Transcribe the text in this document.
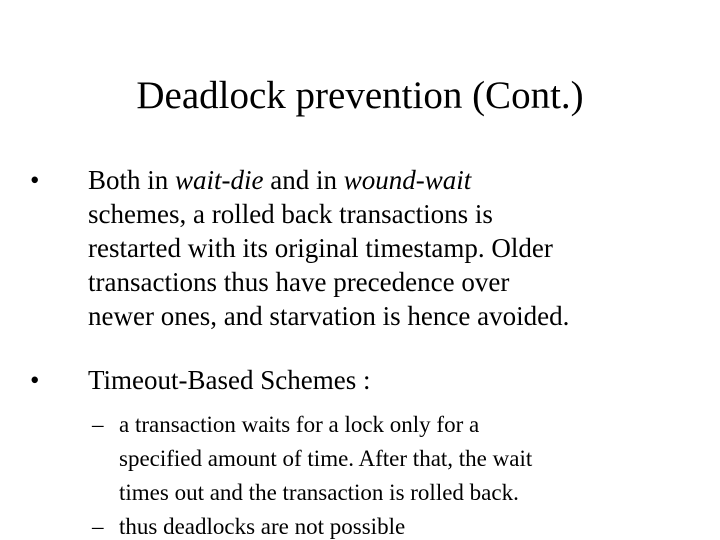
Deadlock prevention (Cont.)
•	Both in wait-die and in wound-wait
schemes, a rolled back transactions is
restarted with its original timestamp. Older
transactions thus have precedence over
newer ones, and starvation is hence avoided.
•	Timeout-Based Schemes :
– a transaction waits for a lock only for a
specified amount of time. After that, the wait
times out and the transaction is rolled back.
– thus deadlocks are not possible
